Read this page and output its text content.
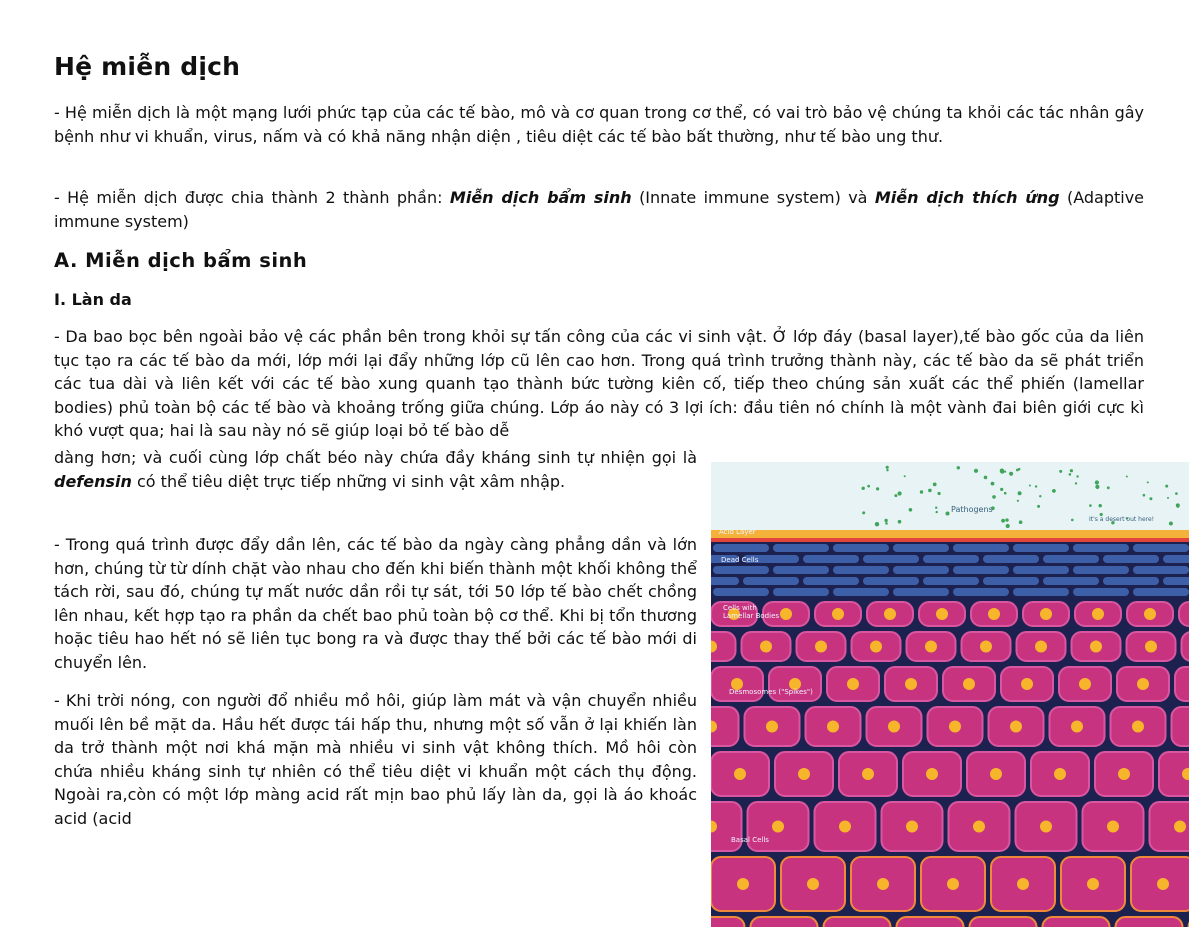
Hệ miễn dịch

- Hệ miễn dịch là một mạng lưới phức tạp của các tế bào, mô và cơ quan trong cơ thể, có vai trò bảo vệ chúng ta khỏi các tác nhân gây bệnh như vi khuẩn, virus, nấm và có khả năng nhận diện , tiêu diệt các tế bào bất thường, như tế bào ung thư.

- Hệ miễn dịch được chia thành 2 thành phần: Miễn dịch bẩm sinh (Innate immune system) và Miễn dịch thích ứng (Adaptive immune system)

A. Miễn dịch bẩm sinh
I. Làn da

- Da bao bọc bên ngoài bảo vệ các phần bên trong khỏi sự tấn công của các vi sinh vật. Ở lớp đáy (basal layer),tế bào gốc của da liên tục tạo ra các tế bào da mới, lớp mới lại đẩy những lớp cũ lên cao hơn. Trong quá trình trưởng thành này, các tế bào da sẽ phát triển các tua dài và liên kết với các tế bào xung quanh tạo thành bức tường kiên cố, tiếp theo chúng sản xuất các thể phiến (lamellar bodies) phủ toàn bộ các tế bào và khoảng trống giữa chúng. Lớp áo này có 3 lợi ích: đầu tiên nó chính là một vành đai biên giới cực kì khó vượt qua; hai là sau này nó sẽ giúp loại bỏ tế bào dễ

dàng hơn; và cuối cùng lớp chất béo này chứa đầy kháng sinh tự nhiện gọi là defensin có thể tiêu diệt trực tiếp những vi sinh vật xâm nhập.

- Trong quá trình được đẩy dần lên, các tế bào da ngày càng phẳng dần và lớn hơn, chúng từ từ dính chặt vào nhau cho đến khi biến thành một khối không thể tách rời, sau đó, chúng tự mất nước dần rồi tự sát, tới 50 lớp tế bào chết chồng lên nhau, kết hợp tạo ra phần da chết bao phủ toàn bộ cơ thể. Khi bị tổn thương hoặc tiêu hao hết nó sẽ liên tục bong ra và được thay thế bởi các tế bào mới di chuyển lên.

- Khi trời nóng, con người đổ nhiều mồ hôi, giúp làm mát và vận chuyển nhiều muối lên bề mặt da. Hầu hết được tái hấp thu, nhưng một số vẫn ở lại khiến làn da trở thành một nơi khá mặn mà nhiều vi sinh vật không thích. Mồ hôi còn chứa nhiều kháng sinh tự nhiên có thể tiêu diệt vi khuẩn một cách thụ động. Ngoài ra,còn có một lớp màng acid rất mịn bao phủ lấy làn da, gọi là áo khoác acid (acid

Pathogens
It's a desert out here!
Acid Layer
Dead Cells
Cells with
Lamellar Bodies
Desmosomes ("Spikes")
Basal Cells
